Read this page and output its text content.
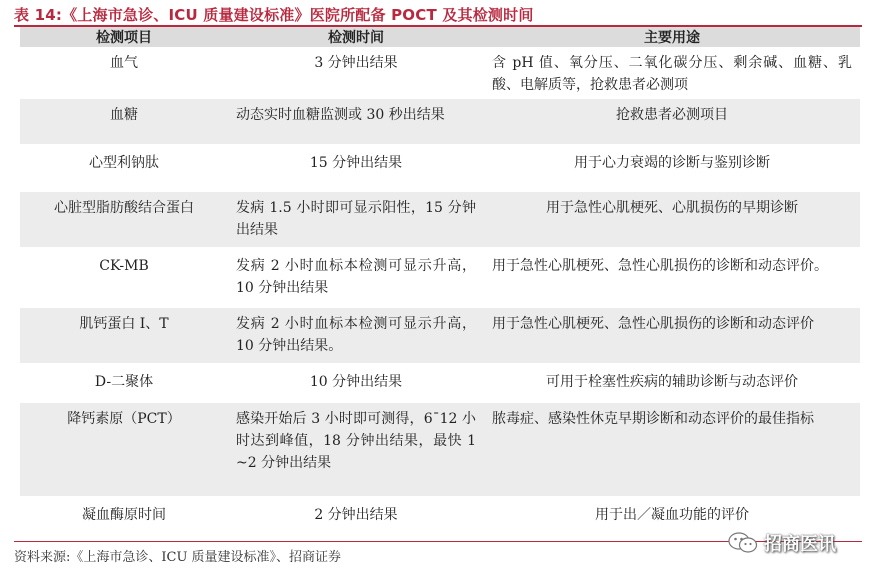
表 14:《上海市急诊、ICU 质量建设标准》医院所配备 POCT 及其检测时间
检测项目	检测时间	主要用途
血气	3 分钟出结果	含 pH 值、氧分压、二氧化碳分压、剩余碱、血糖、乳酸、电解质等，抢救患者必测项
血糖	动态实时血糖监测或 30 秒出结果	抢救患者必测项目
心型利钠肽	15 分钟出结果	用于心力衰竭的诊断与鉴别诊断
心脏型脂肪酸结合蛋白	发病 1.5 小时即可显示阳性，15 分钟出结果	用于急性心肌梗死、心肌损伤的早期诊断
CK-MB	发病 2 小时血标本检测可显示升高，10 分钟出结果	用于急性心肌梗死、急性心肌损伤的诊断和动态评价。
肌钙蛋白 I、T	发病 2 小时血标本检测可显示升高，10 分钟出结果。	用于急性心肌梗死、急性心肌损伤的诊断和动态评价
D-二聚体	10 分钟出结果	可用于栓塞性疾病的辅助诊断与动态评价
降钙素原（PCT）	感染开始后 3 小时即可测得，6¯12 小时达到峰值，18 分钟出结果，最快 1 ~2 分钟出结果	脓毒症、感染性休克早期诊断和动态评价的最佳指标
凝血酶原时间	2 分钟出结果	用于出／凝血功能的评价
资料来源:《上海市急诊、ICU 质量建设标准》、招商证券
招商医讯
